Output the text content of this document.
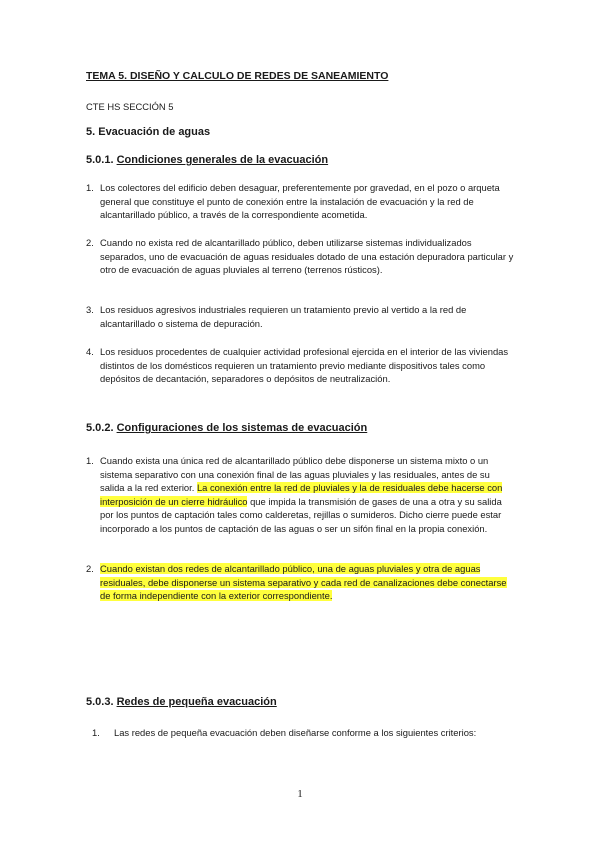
TEMA 5. DISEÑO Y CALCULO DE REDES DE SANEAMIENTO

CTE HS SECCIÓN 5

5. Evacuación de aguas

5.0.1. Condiciones generales de la evacuación

1. Los colectores del edificio deben desaguar, preferentemente por gravedad, en el pozo o arqueta general que constituye el punto de conexión entre la instalación de evacuación y la red de alcantarillado público, a través de la correspondiente acometida.
2. Cuando no exista red de alcantarillado público, deben utilizarse sistemas individualizados separados, uno de evacuación de aguas residuales dotado de una estación depuradora particular y otro de evacuación de aguas pluviales al terreno (terrenos rústicos).
3. Los residuos agresivos industriales requieren un tratamiento previo al vertido a la red de alcantarillado o sistema de depuración.
4. Los residuos procedentes de cualquier actividad profesional ejercida en el interior de las viviendas distintos de los domésticos requieren un tratamiento previo mediante dispositivos tales como depósitos de decantación, separadores o depósitos de neutralización.

5.0.2. Configuraciones de los sistemas de evacuación

1. Cuando exista una única red de alcantarillado público debe disponerse un sistema mixto o un sistema separativo con una conexión final de las aguas pluviales y las residuales, antes de su salida a la red exterior. La conexión entre la red de pluviales y la de residuales debe hacerse con interposición de un cierre hidráulico que impida la transmisión de gases de una a otra y su salida por los puntos de captación tales como calderetas, rejillas o sumideros. Dicho cierre puede estar incorporado a los puntos de captación de las aguas o ser un sifón final en la propia conexión.
2. Cuando existan dos redes de alcantarillado público, una de aguas pluviales y otra de aguas residuales, debe disponerse un sistema separativo y cada red de canalizaciones debe conectarse de forma independiente con la exterior correspondiente.

5.0.3. Redes de pequeña evacuación

1.	Las redes de pequeña evacuación deben diseñarse conforme a los siguientes criterios:
1
